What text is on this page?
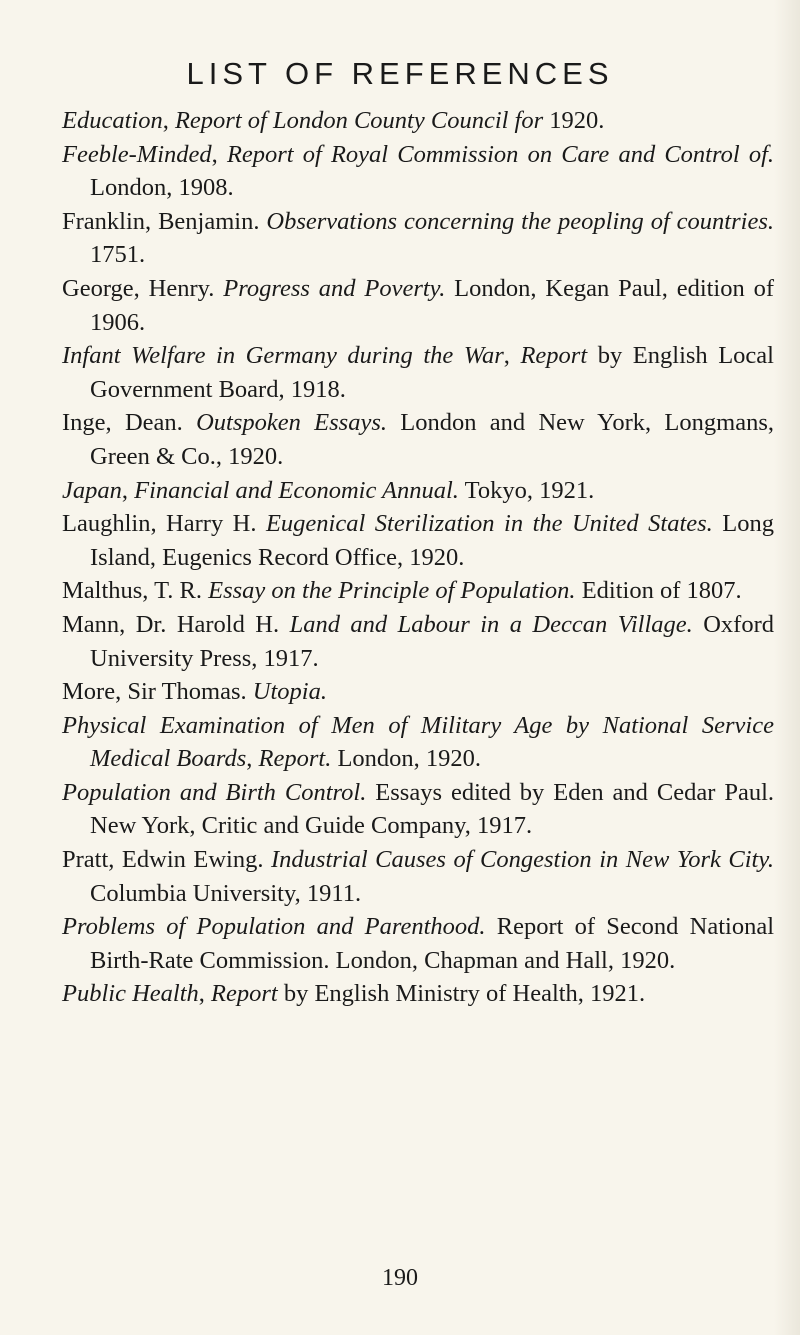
LIST OF REFERENCES
Education, Report of London County Council for 1920.
Feeble-Minded, Report of Royal Commission on Care and Control of. London, 1908.
Franklin, Benjamin. Observations concerning the peopling of countries. 1751.
George, Henry. Progress and Poverty. London, Kegan Paul, edition of 1906.
Infant Welfare in Germany during the War, Report by English Local Government Board, 1918.
Inge, Dean. Outspoken Essays. London and New York, Longmans, Green & Co., 1920.
Japan, Financial and Economic Annual. Tokyo, 1921.
Laughlin, Harry H. Eugenical Sterilization in the United States. Long Island, Eugenics Record Office, 1920.
Malthus, T. R. Essay on the Principle of Population. Edition of 1807.
Mann, Dr. Harold H. Land and Labour in a Deccan Village. Oxford University Press, 1917.
More, Sir Thomas. Utopia.
Physical Examination of Men of Military Age by National Service Medical Boards, Report. London, 1920.
Population and Birth Control. Essays edited by Eden and Cedar Paul. New York, Critic and Guide Company, 1917.
Pratt, Edwin Ewing. Industrial Causes of Congestion in New York City. Columbia University, 1911.
Problems of Population and Parenthood. Report of Second National Birth-Rate Commission. London, Chapman and Hall, 1920.
Public Health, Report by English Ministry of Health, 1921.
190
